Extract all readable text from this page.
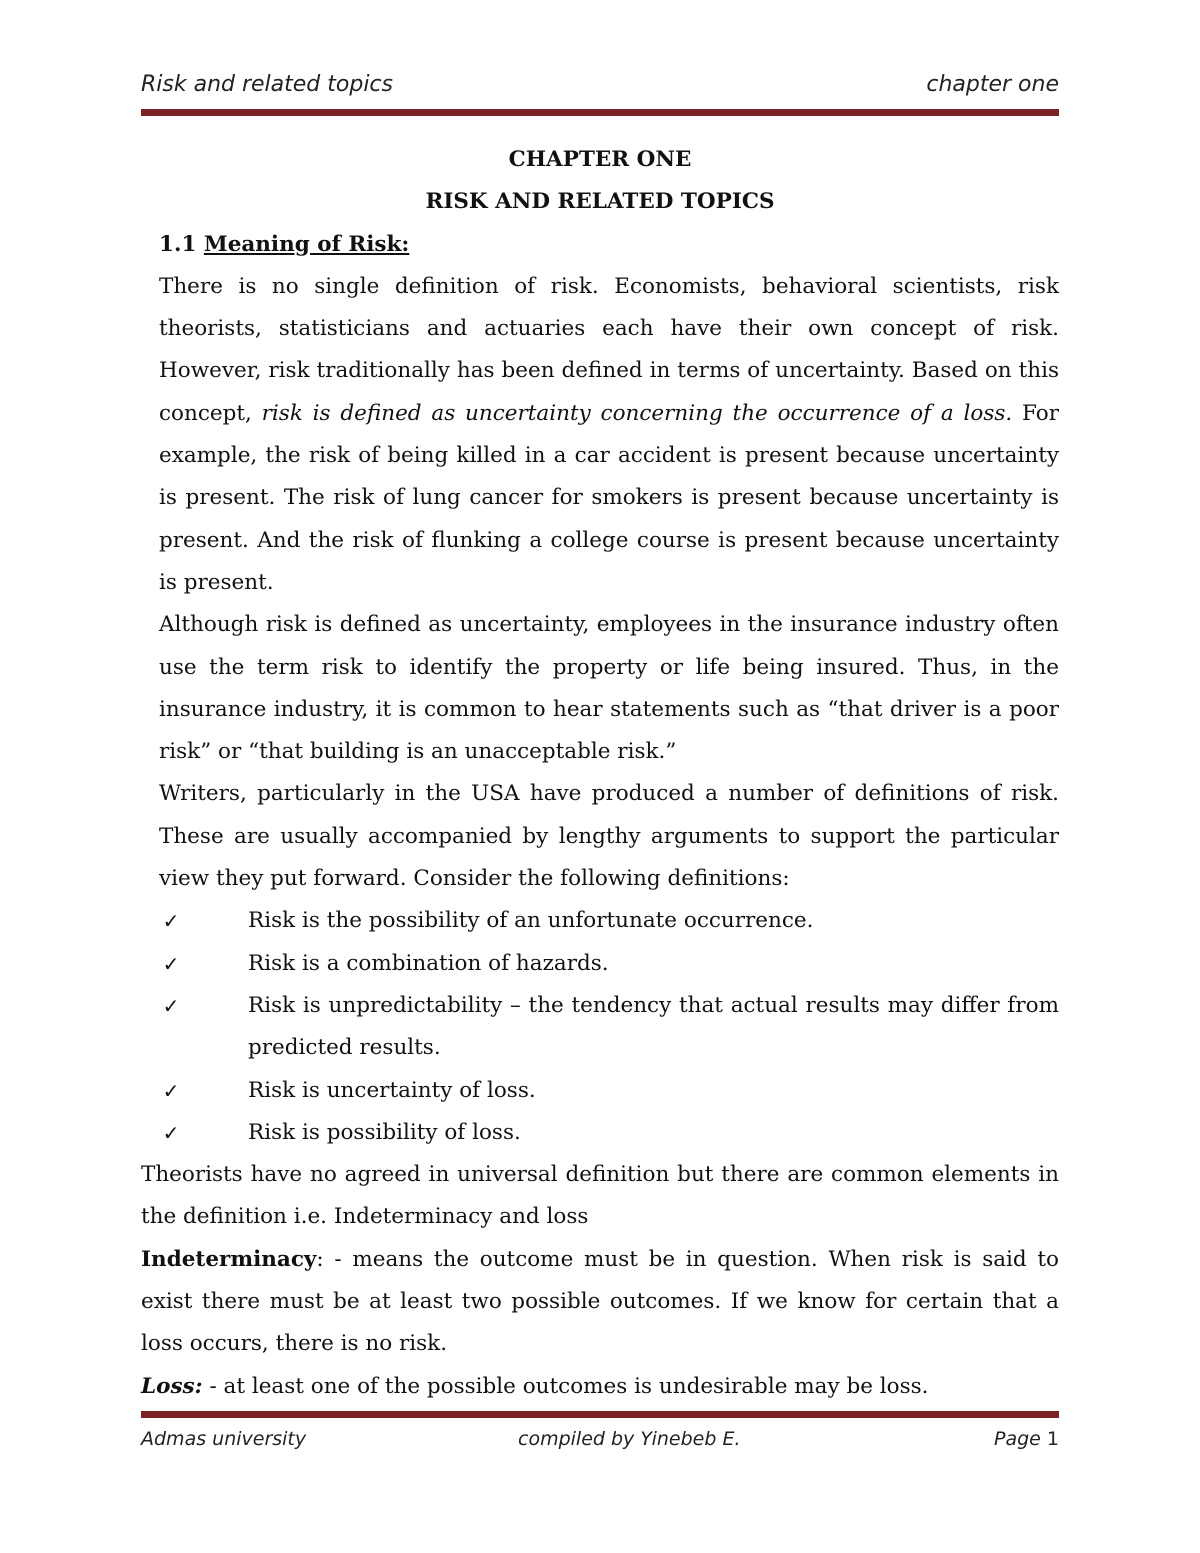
Risk and related topics	chapter one

CHAPTER ONE

RISK AND RELATED TOPICS

1.1 Meaning of Risk:

There is no single definition of risk. Economists, behavioral scientists, risk theorists, statisticians and actuaries each have their own concept of risk. However, risk traditionally has been defined in terms of uncertainty. Based on this concept, risk is defined as uncertainty concerning the occurrence of a loss. For example, the risk of being killed in a car accident is present because uncertainty is present. The risk of lung cancer for smokers is present because uncertainty is present. And the risk of flunking a college course is present because uncertainty is present.

Although risk is defined as uncertainty, employees in the insurance industry often use the term risk to identify the property or life being insured. Thus, in the insurance industry, it is common to hear statements such as “that driver is a poor risk” or “that building is an unacceptable risk.”

Writers, particularly in the USA have produced a number of definitions of risk. These are usually accompanied by lengthy arguments to support the particular view they put forward. Consider the following definitions:

✓	Risk is the possibility of an unfortunate occurrence.
✓	Risk is a combination of hazards.
✓	Risk is unpredictability – the tendency that actual results may differ from predicted results.
✓	Risk is uncertainty of loss.
✓	Risk is possibility of loss.

Theorists have no agreed in universal definition but there are common elements in the definition i.e. Indeterminacy and loss

Indeterminacy: - means the outcome must be in question. When risk is said to exist there must be at least two possible outcomes. If we know for certain that a loss occurs, there is no risk.

Loss: - at least one of the possible outcomes is undesirable may be loss.

Admas university	compiled by Yinebeb E.	Page 1
